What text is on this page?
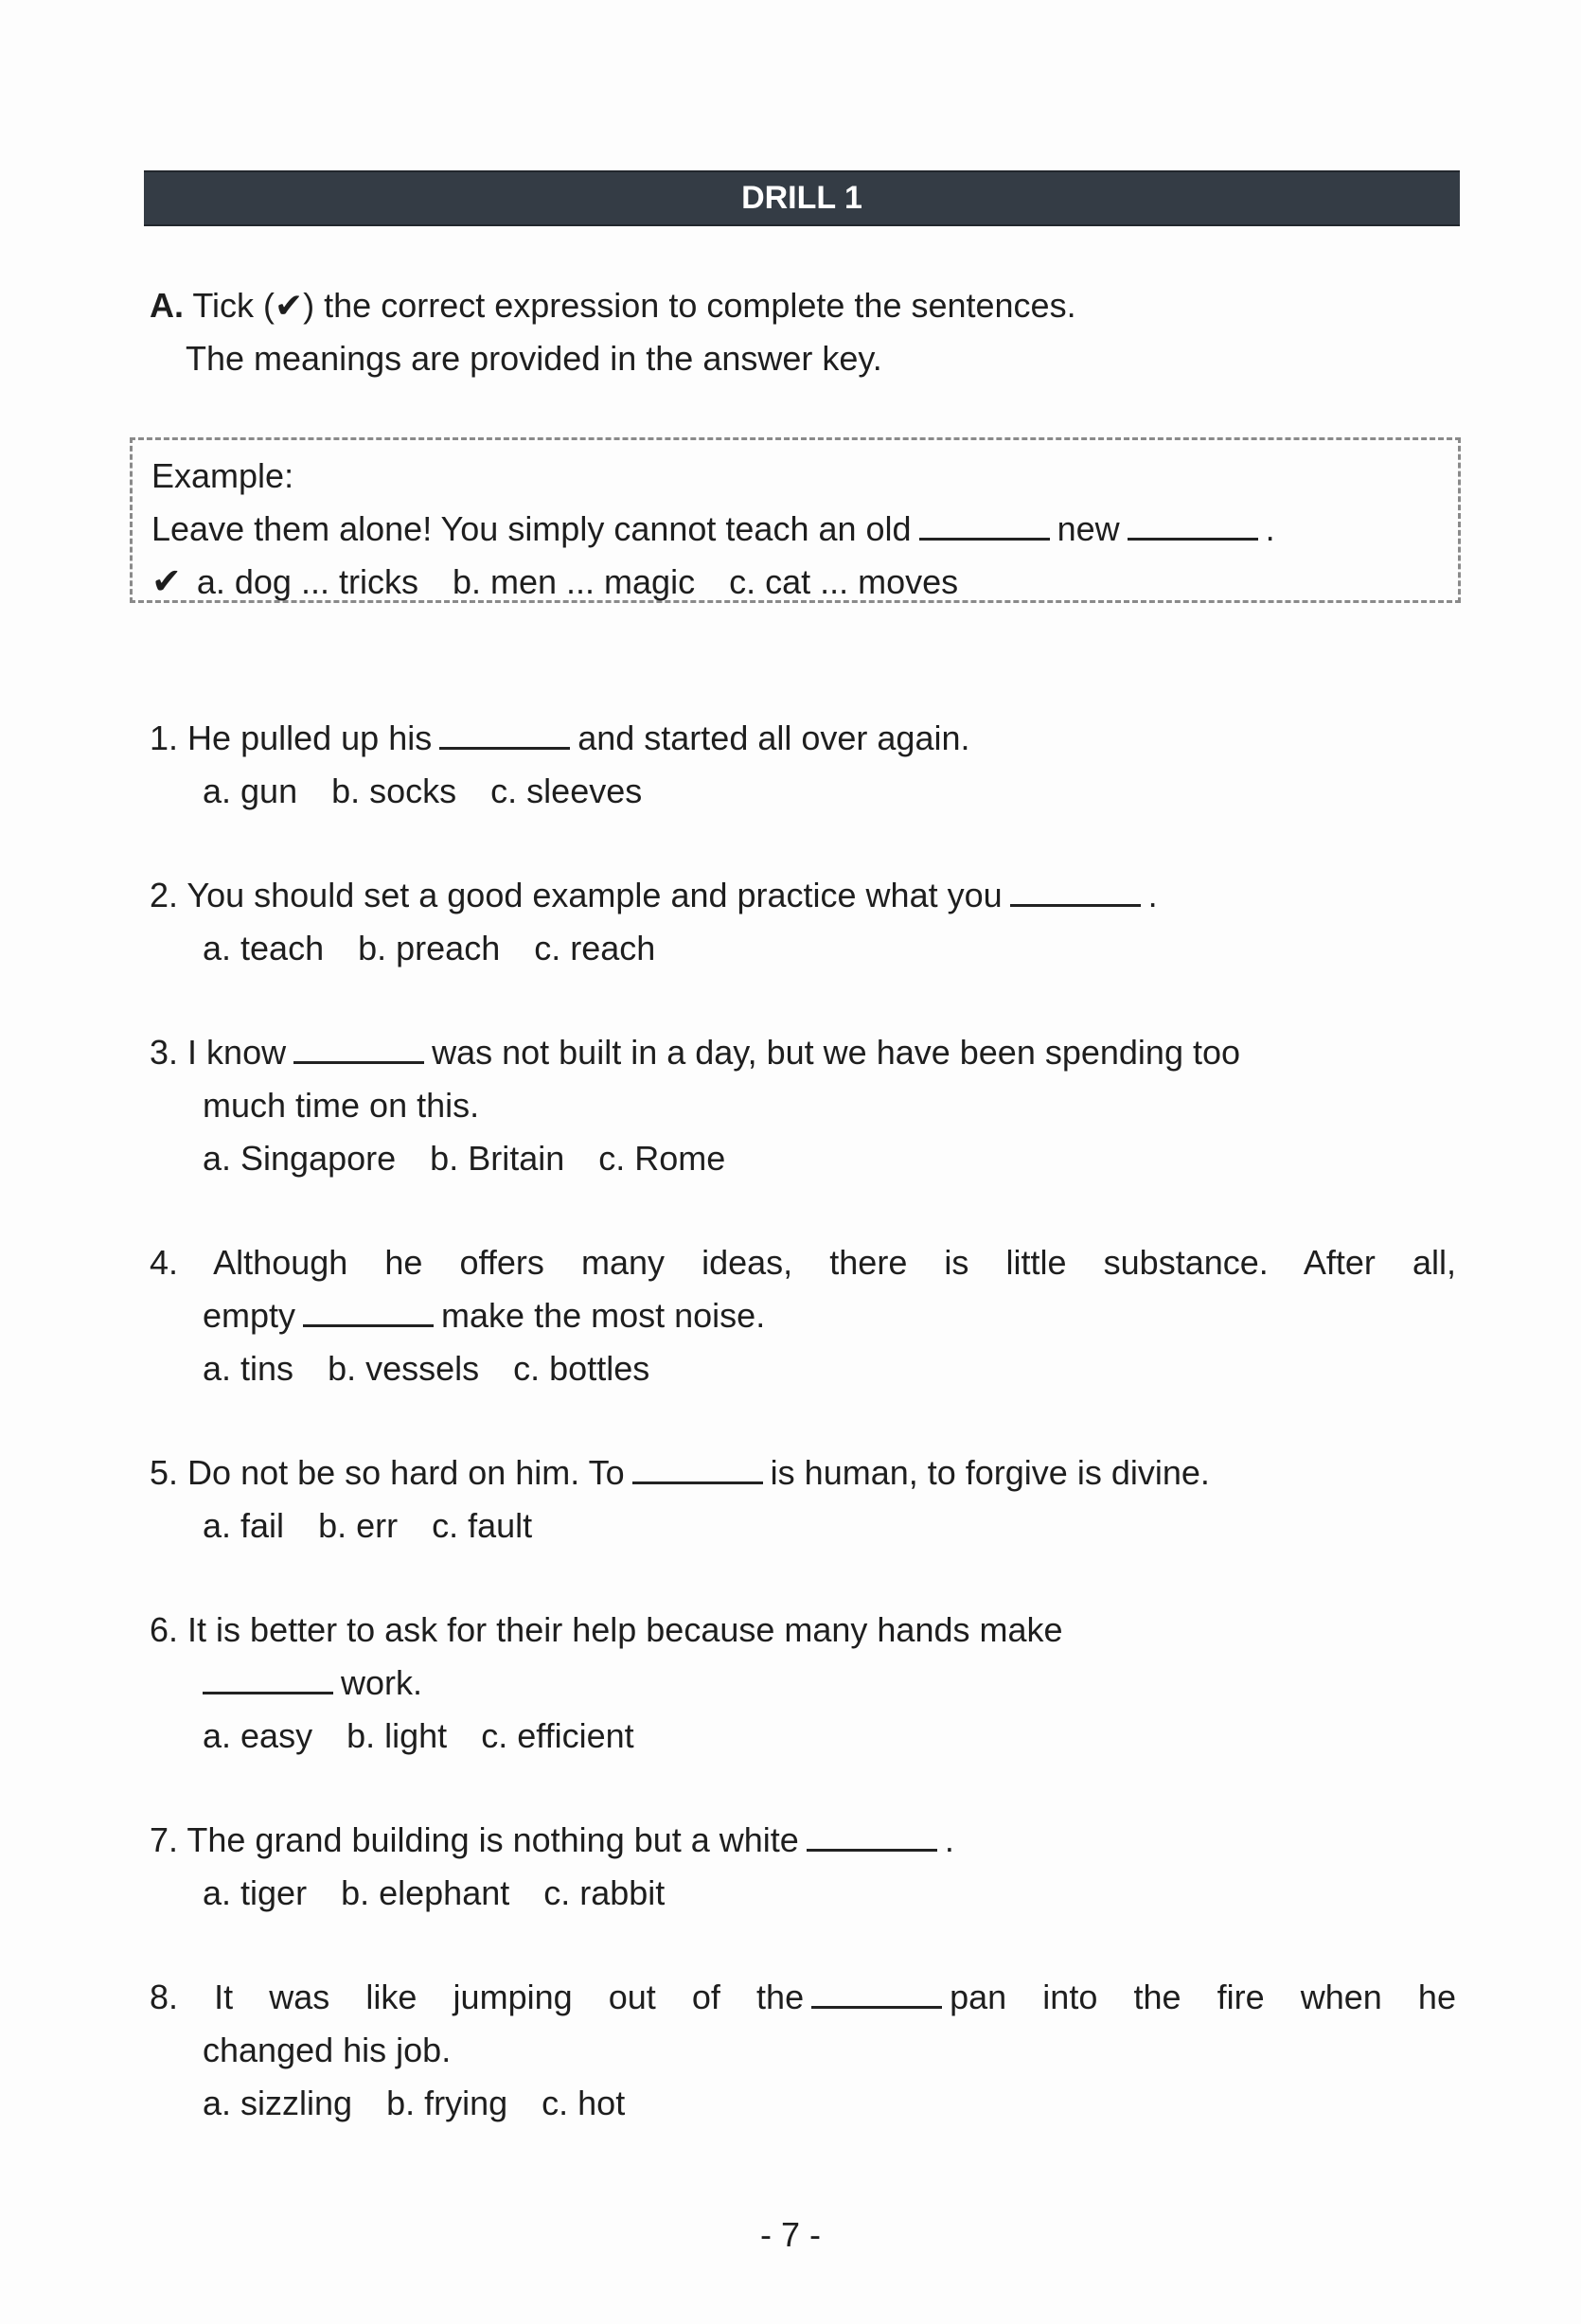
DRILL 1
A. Tick (✔) the correct expression to complete the sentences.
The meanings are provided in the answer key.
Example:
Leave them alone! You simply cannot teach an old	new	.
✔ a. dog ... tricks b. men ... magic c. cat ... moves
1. He pulled up his	and started all over again.
a. gun b. socks c. sleeves
2. You should set a good example and practice what you	.
a. teach b. preach c. reach
3. I know	was not built in a day, but we have been spending too
much time on this.
a. Singapore b. Britain c. Rome
4. Although he offers many ideas, there is little substance. After all,
empty	make the most noise.
a. tins b. vessels c. bottles
5. Do not be so hard on him. To	is human, to forgive is divine.
a. fail b. err c. fault
6. It is better to ask for their help because many hands make
work.
a. easy b. light c. efficient
7. The grand building is nothing but a white	.
a. tiger b. elephant c. rabbit
8. It was like jumping out of the	pan into the fire when he
changed his job.
a. sizzling b. frying c. hot
- 7 -
